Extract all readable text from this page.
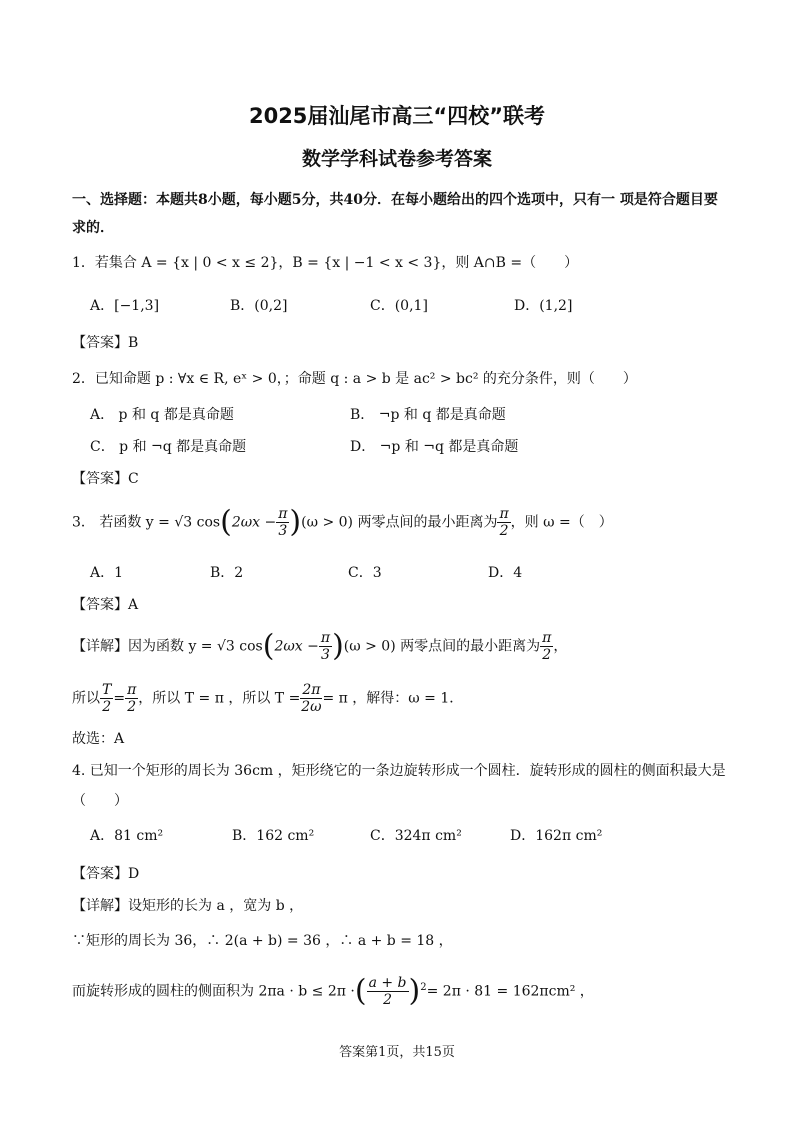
2025届汕尾市高三“四校”联考
数学学科试卷参考答案
一、选择题：本题共8小题，每小题5分，共40分．在每小题给出的四个选项中，只有一 项是符合题目要求的．
1．若集合 A = {x | 0 < x ≤ 2}，B = {x | −1 < x < 3}，则 A∩B =（　　）
A．[−1,3]	B．(0,2]	C．(0,1]	D．(1,2]
【答案】B
2．已知命题 p : ∀x ∈ R, eˣ > 0，；命题 q : a > b 是 ac² > bc² 的充分条件，则（　　）
A． p 和 q 都是真命题	B． ¬p 和 q 都是真命题
C． p 和 ¬q 都是真命题	D． ¬p 和 ¬q 都是真命题
【答案】C
3． 若函数 y = √3 $\cos(2\omega x - \frac{\pi}{3} )(\omega > 0)$ 两零点间的最小距离为 $\frac{\pi}{2}$ ，则 ω =（　）
A．1	B．2	C．3	D．4
【答案】A
【详解】因为函数 y = √3 $\cos(2\omega x - \frac{\pi}{3} )(\omega > 0)$ 两零点间的最小距离为 $\frac{\pi}{2}$ ，
所以 $\frac{T}{2} = \frac{\pi}{2}$ ，所以 T = π ，所以 $T = \frac{2\pi}{2\omega} = \pi$ ，解得：ω = 1．
故选：A
4. 已知一个矩形的周长为 36cm ，矩形绕它的一条边旋转形成一个圆柱．旋转形成的圆柱的侧面积最大是
（　　）
A．81 cm²	B．162 cm²	C．324π cm²	D．162π cm²
【答案】D
【详解】设矩形的长为 a ，宽为 b ，
∵矩形的周长为 36，∴ 2(a + b) = 36 ，∴ a + b = 18 ，
而旋转形成的圆柱的侧面积为 2πa · b ≤ 2π ·( $\frac{a + b}{2} )^2= 2\pi \cdot 81 = 162\pi cm^2$ ，
答案第1页，共15页
